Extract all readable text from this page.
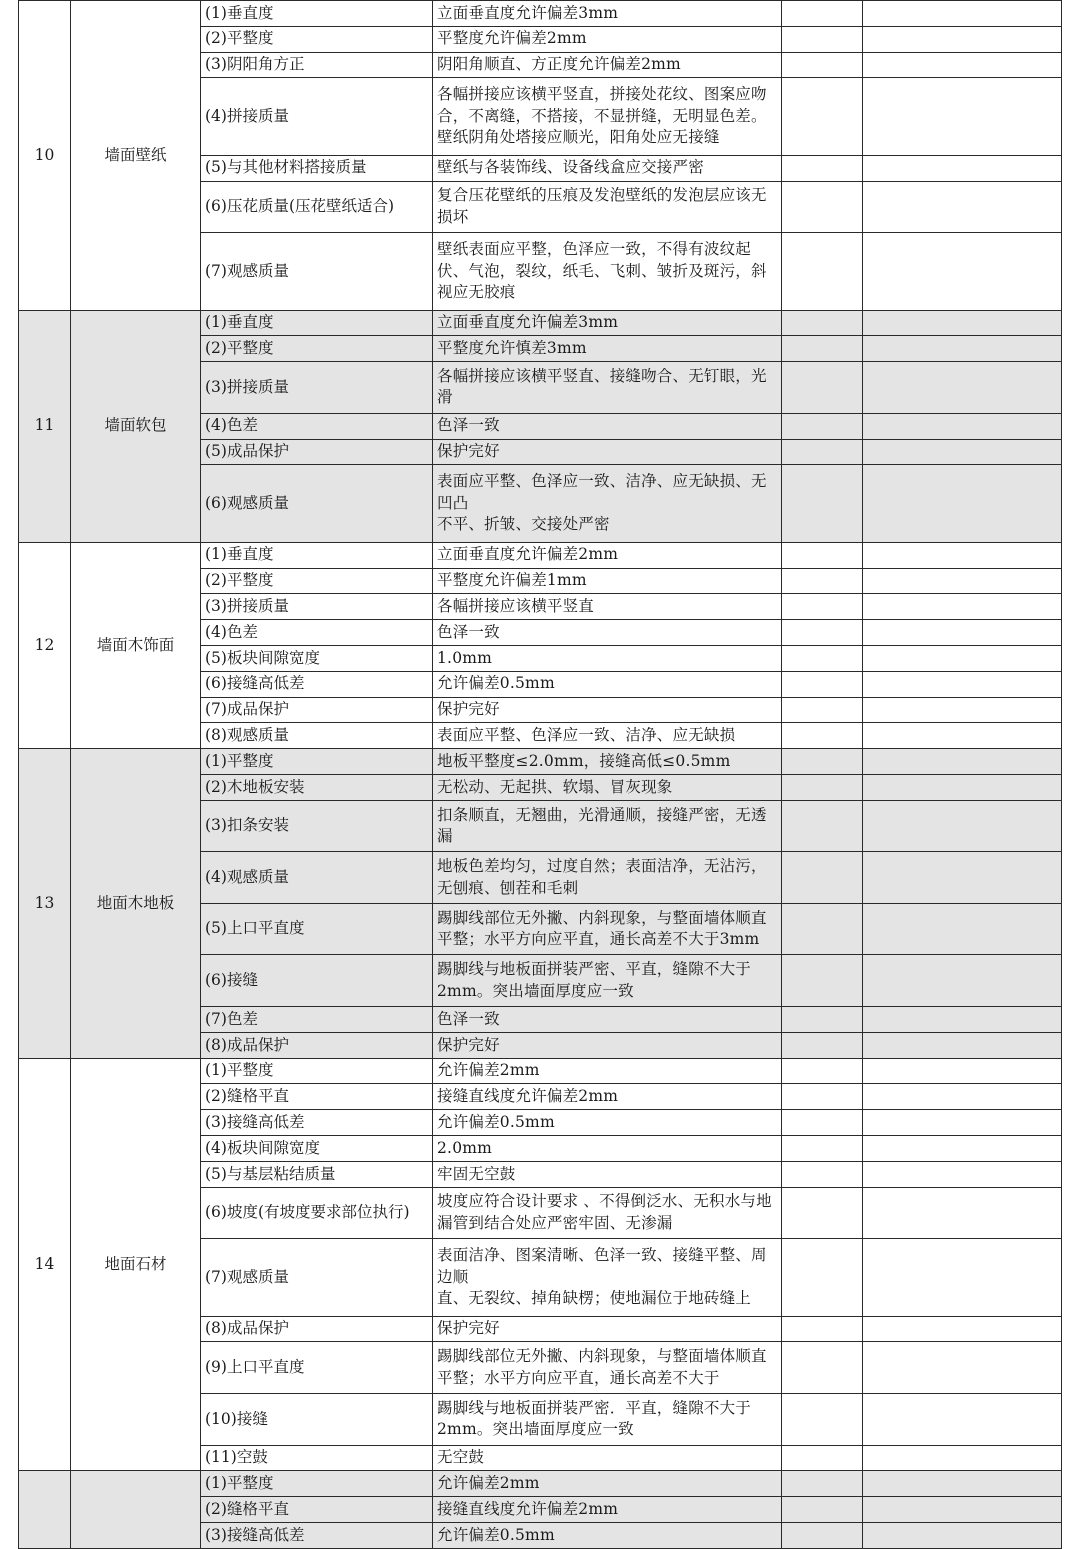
10	墙面壁纸	(1)垂直度	立面垂直度允许偏差3mm		
		(2)平整度	平整度允许偏差2mm		
		(3)阴阳角方正	阴阳角顺直、方正度允许偏差2mm		
		(4)拼接质量	各幅拼接应该横平竖直，拼接处花纹、图案应吻合，不离缝，不搭接，不显拼缝，无明显色差。壁纸阴角处塔接应顺光，阳角处应无接缝		
		(5)与其他材料搭接质量	壁纸与各装饰线、设备线盒应交接严密		
		(6)压花质量(压花壁纸适合)	复合压花壁纸的压痕及发泡壁纸的发泡层应该无损坏		
		(7)观感质量	壁纸表面应平整，色泽应一致，不得有波纹起伏、气泡，裂纹，纸毛、飞刺、皱折及斑污，斜视应无胶痕		
11	墙面软包	(1)垂直度	立面垂直度允许偏差3mm		
		(2)平整度	平整度允许慎差3mm		
		(3)拼接质量	各幅拼接应该横平竖直、接缝吻合、无钉眼，光滑		
		(4)色差	色泽一致		
		(5)成品保护	保护完好		
		(6)观感质量	表面应平整、色泽应一致、洁净、应无缺损、无凹凸
不平、折皱、交接处严密		
12	墙面木饰面	(1)垂直度	立面垂直度允许偏差2mm		
		(2)平整度	平整度允许偏差1mm		
		(3)拼接质量	各幅拼接应该横平竖直		
		(4)色差	色泽一致		
		(5)板块间隙宽度	1.0mm		
		(6)接缝高低差	允许偏差0.5mm		
		(7)成品保护	保护完好		
		(8)观感质量	表面应平整、色泽应一致、洁净、应无缺损		
13	地面木地板	(1)平整度	地板平整度≤2.0mm，接缝高低≤0.5mm		
		(2)木地板安装	无松动、无起拱、软塌、冒灰现象		
		(3)扣条安装	扣条顺直，无翘曲，光滑通顺，接缝严密，无透漏		
		(4)观感质量	地板色差均匀，过度自然；表面洁净，无沾污，无刨痕、刨茬和毛刺		
		(5)上口平直度	踢脚线部位无外撇、内斜现象，与整面墙体顺直平整；水平方向应平直，通长高差不大于3mm		
		(6)接缝	踢脚线与地板面拼装严密、平直，缝隙不大于2mm。突出墙面厚度应一致		
		(7)色差	色泽一致		
		(8)成品保护	保护完好		
14	地面石材	(1)平整度	允许偏差2mm		
		(2)缝格平直	接缝直线度允许偏差2mm		
		(3)接缝高低差	允许偏差0.5mm		
		(4)板块间隙宽度	2.0mm		
		(5)与基层粘结质量	牢固无空鼓		
		(6)坡度(有坡度要求部位执行)	坡度应符合设计要求 、不得倒泛水、无积水与地漏管到结合处应严密牢固、无渗漏		
		(7)观感质量	表面洁净、图案清晰、色泽一致、接缝平整、周边顺
直、无裂纹、掉角缺楞；使地漏位于地砖缝上		
		(8)成品保护	保护完好		
		(9)上口平直度	踢脚线部位无外撇、内斜现象，与整面墙体顺直平整；水平方向应平直，通长高差不大于		
		(10)接缝	踢脚线与地板面拼装严密．平直，缝隙不大于2mm。突出墙面厚度应一致		
		(11)空鼓	无空鼓		
		(1)平整度	允许偏差2mm		
		(2)缝格平直	接缝直线度允许偏差2mm		
		(3)接缝高低差	允许偏差0.5mm		
